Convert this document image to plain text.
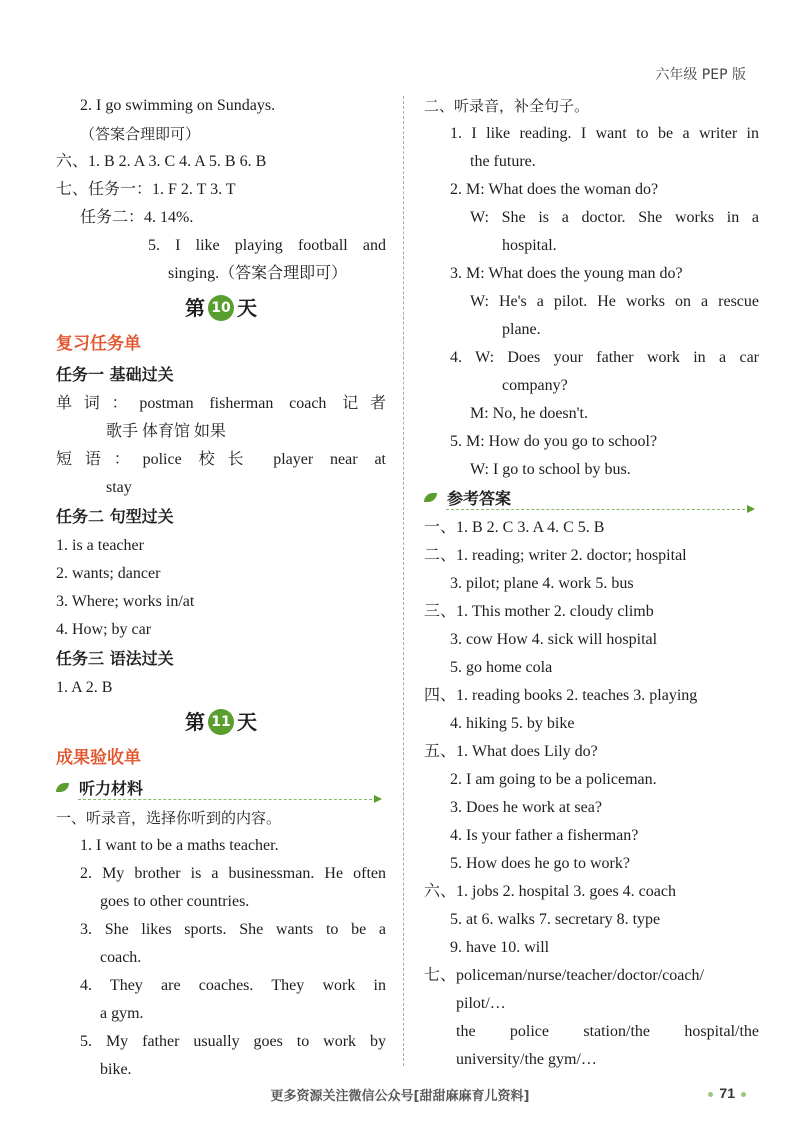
六年级 PEP 版
2. I go swimming on Sundays.
（答案合理即可）
六、1. B 2. A 3. C 4. A 5. B 6. B
七、任务一：1. F 2. T 3. T
任务二：4. 14%.
5. I like playing football and
singing.（答案合理即可）
第 10 天
复习任务单
任务一 基础过关
单词：postman fisherman coach 记者
歌手 体育馆 如果
短语：police 校长 player near at
stay
任务二 句型过关
1. is a teacher
2. wants; dancer
3. Where; works in/at
4. How; by car
任务三 语法过关
1. A 2. B
第 11 天
成果验收单
听力材料
一、听录音，选择你听到的内容。
1. I want to be a maths teacher.
2. My brother is a businessman. He often
goes to other countries.
3. She likes sports. She wants to be a
coach.
4. They are coaches. They work in
a gym.
5. My father usually goes to work by
bike.
二、听录音，补全句子。
1. I like reading. I want to be a writer in
the future.
2. M: What does the woman do?
W: She is a doctor. She works in a
hospital.
3. M: What does the young man do?
W: He's a pilot. He works on a rescue
plane.
4. W: Does your father work in a car
company?
M: No, he doesn't.
5. M: How do you go to school?
W: I go to school by bus.
参考答案
一、1. B 2. C 3. A 4. C 5. B
二、1. reading; writer 2. doctor; hospital
3. pilot; plane 4. work 5. bus
三、1. This mother 2. cloudy climb
3. cow How 4. sick will hospital
5. go home cola
四、1. reading books 2. teaches 3. playing
4. hiking 5. by bike
五、1. What does Lily do?
2. I am going to be a policeman.
3. Does he work at sea?
4. Is your father a fisherman?
5. How does he go to work?
六、1. jobs 2. hospital 3. goes 4. coach
5. at 6. walks 7. secretary 8. type
9. have 10. will
七、policeman/nurse/teacher/doctor/coach/
pilot/…
the police station/the hospital/the
university/the gym/…
更多资源关注微信公众号[甜甜麻麻育儿资料]	71
